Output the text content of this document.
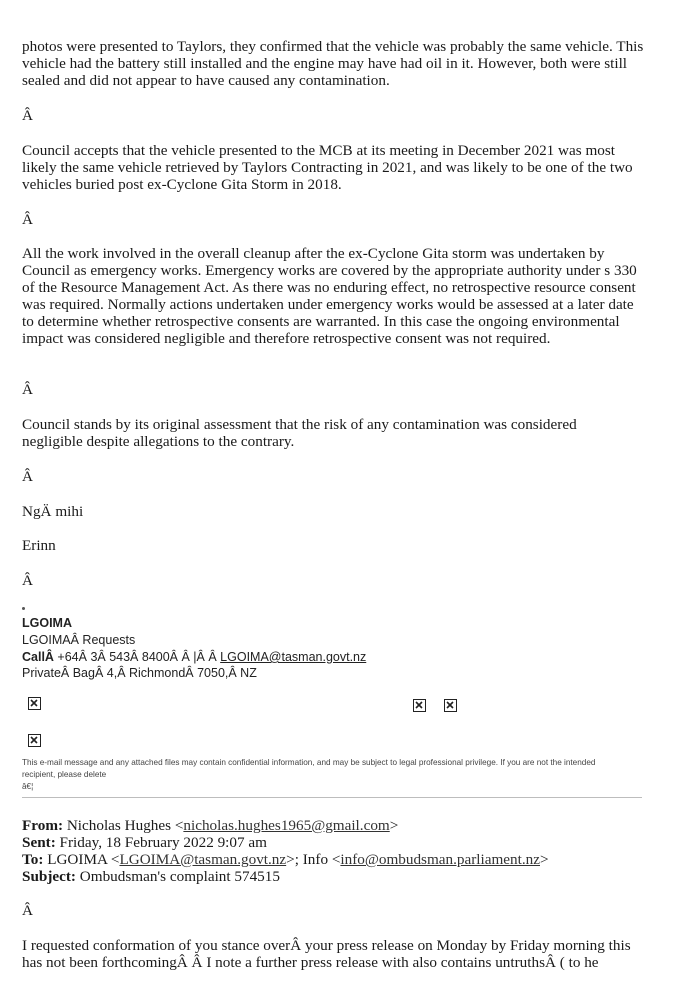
photos were presented to Taylors, they confirmed that the vehicle was probably the same vehicle. This vehicle had the battery still installed and the engine may have had oil in it. However, both were still sealed and did not appear to have caused any contamination.

Â

Council accepts that the vehicle presented to the MCB at its meeting in December 2021 was most likely the same vehicle retrieved by Taylors Contracting in 2021, and was likely to be one of the two vehicles buried post ex-Cyclone Gita Storm in 2018.

Â

All the work involved in the overall cleanup after the ex-Cyclone Gita storm was undertaken by Council as emergency works. Emergency works are covered by the appropriate authority under s 330 of the Resource Management Act. As there was no enduring effect, no retrospective resource consent was required. Normally actions undertaken under emergency works would be assessed at a later date to determine whether retrospective consents are warranted. In this case the ongoing environmental impact was considered negligible and therefore retrospective consent was not required.

Â

Council stands by its original assessment that the risk of any contamination was considered negligible despite allegations to the contrary.

Â

NgÄ mihi

Erinn

Â

LGOIMA
LGOIMAÂ Requests
CallÂ +64Â 3Â 543Â 8400Â Â |Â Â LGOIMA@tasman.govt.nz
PrivateÂ BagÂ 4,Â RichmondÂ 7050,Â NZ
This e-mail message and any attached files may contain confidential information, and may be subject to legal professional privilege. If you are not the intended recipient, please delete
â€¦
From: Nicholas Hughes <nicholas.hughes1965@gmail.com>
Sent: Friday, 18 February 2022 9:07 am
To: LGOIMA <LGOIMA@tasman.govt.nz>; Info <info@ombudsman.parliament.nz>
Subject: Ombudsman's complaint 574515

Â

I requested conformation of you stance overÂ your press release on Monday by Friday morning this has not been forthcomingÂ Â I note a further press release with also contains untruthsÂ ( to he
